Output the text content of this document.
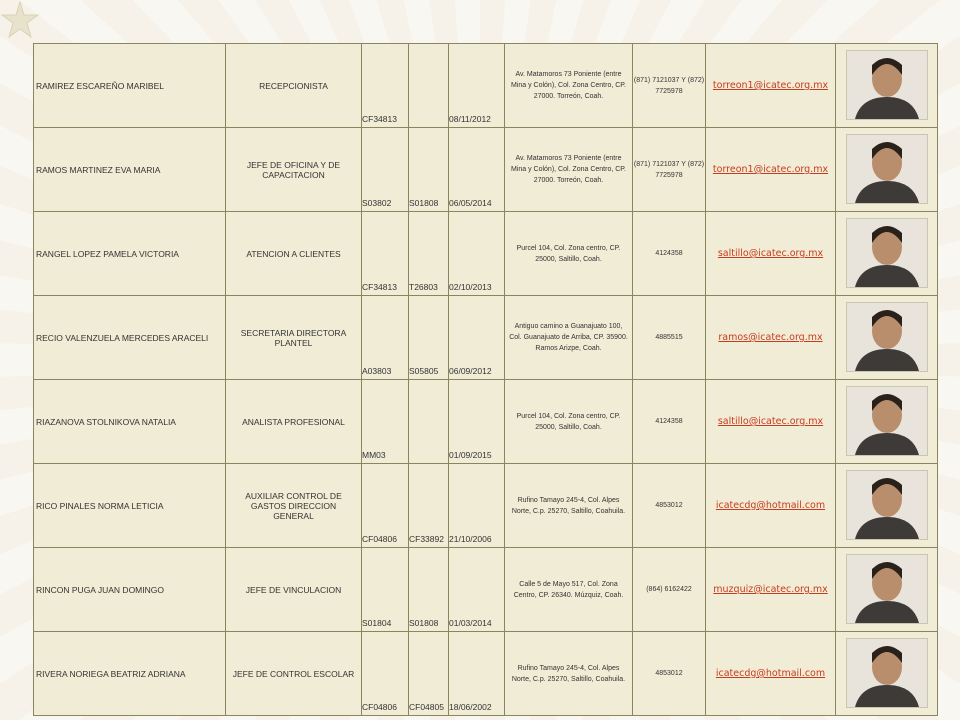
RAMIREZ ESCAREÑO MARIBEL	RECEPCIONISTA	CF34813		08/11/2012	Av. Matamoros 73 Poniente (entre Mina y Colón), Col. Zona Centro, CP. 27000. Torreón, Coah.	(871) 7121037 Y (872) 7725978	torreon1@icatec.org.mx	

RAMOS MARTINEZ EVA MARIA	JEFE DE OFICINA Y DE CAPACITACION	S03802	S01808	06/05/2014	Av. Matamoros 73 Poniente (entre Mina y Colón), Col. Zona Centro, CP. 27000. Torreón, Coah.	(871) 7121037 Y (872) 7725978	torreon1@icatec.org.mx	

RANGEL LOPEZ PAMELA VICTORIA	ATENCION A CLIENTES	CF34813	T26803	02/10/2013	Purcel 104, Col. Zona centro, CP. 25000, Saltillo, Coah.	4124358	saltillo@icatec.org.mx	

RECIO VALENZUELA MERCEDES ARACELI	SECRETARIA DIRECTORA PLANTEL	A03803	S05805	06/09/2012	Antiguo camino a Guanajuato 100, Col. Guanajuato de Arriba, CP. 35900. Ramos Arizpe, Coah.	4885515	ramos@icatec.org.mx	

RIAZANOVA STOLNIKOVA NATALIA	ANALISTA PROFESIONAL	MM03		01/09/2015	Purcel 104, Col. Zona centro, CP. 25000, Saltillo, Coah.	4124358	saltillo@icatec.org.mx	

RICO PINALES NORMA LETICIA	AUXILIAR CONTROL DE GASTOS DIRECCION GENERAL	CF04806	CF33892	21/10/2006	Rufino Tamayo 245-4, Col. Alpes Norte, C.p. 25270, Saltillo, Coahuila.	4853012	icatecdg@hotmail.com	

RINCON PUGA JUAN DOMINGO	JEFE DE VINCULACION	S01804	S01808	01/03/2014	Calle 5 de Mayo 517, Col. Zona Centro, CP. 26340. Múzquiz, Coah.	(864) 6162422	muzquiz@icatec.org.mx	

RIVERA NORIEGA BEATRIZ ADRIANA	JEFE DE CONTROL ESCOLAR	CF04806	CF04805	18/06/2002	Rufino Tamayo 245-4, Col. Alpes Norte, C.p. 25270, Saltillo, Coahuila.	4853012	icatecdg@hotmail.com	
